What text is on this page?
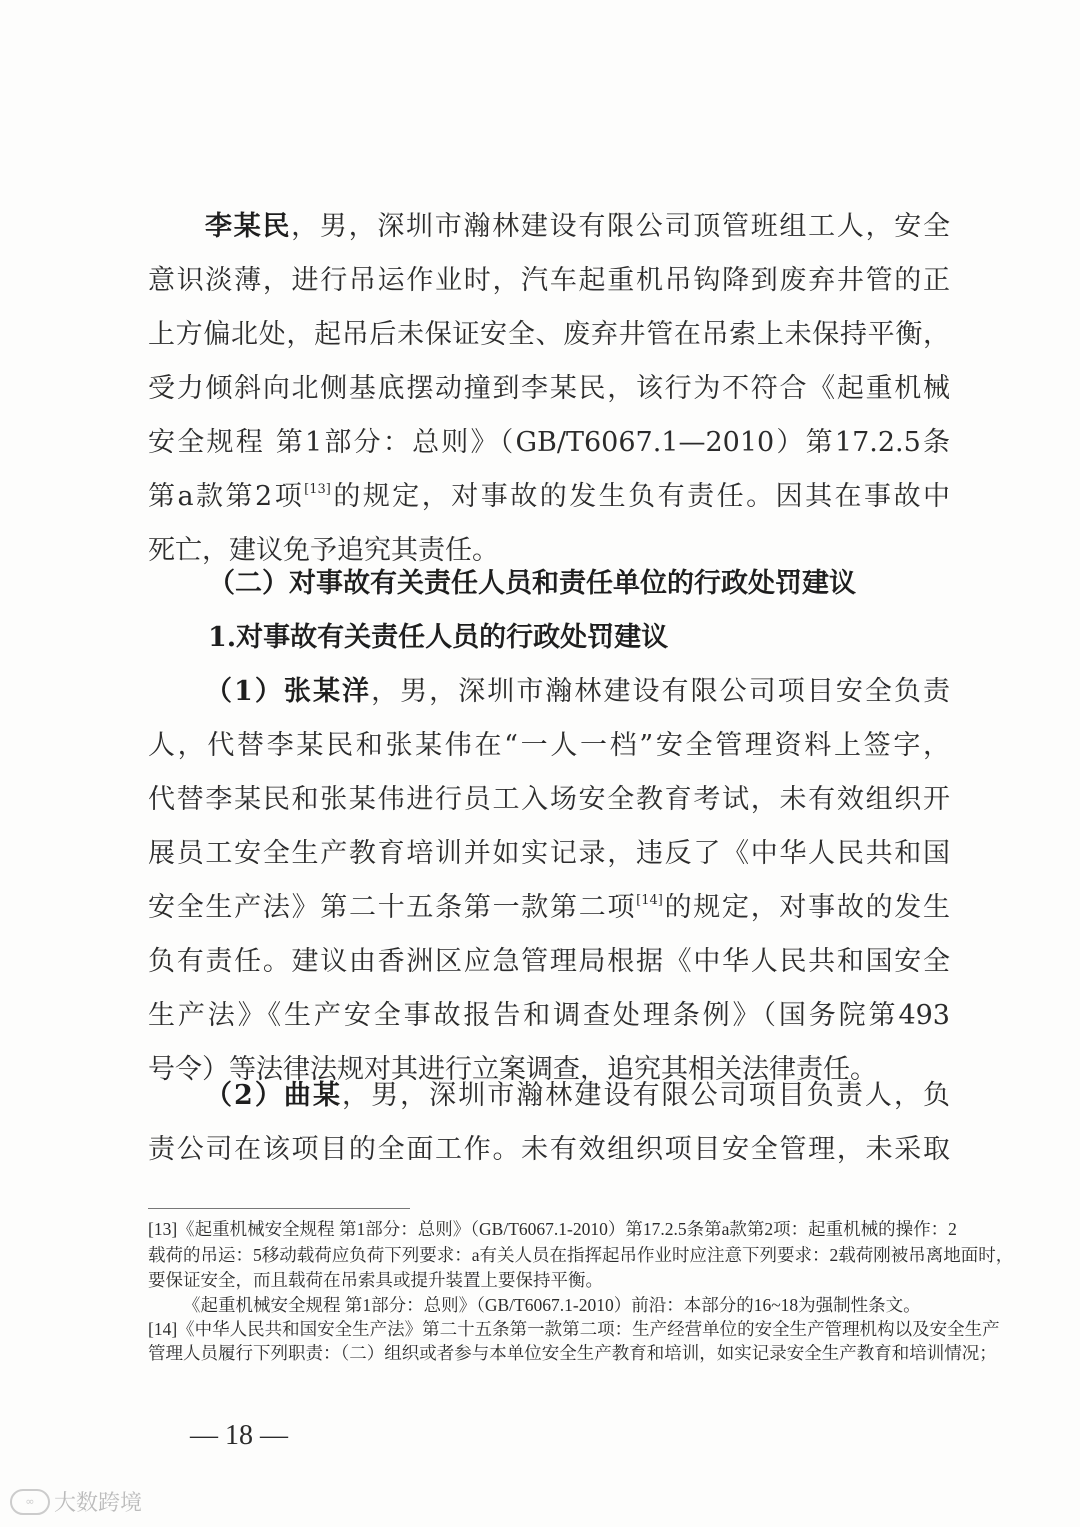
（二）对事故有关责任人员和责任单位的行政处罚建议
1.对事故有关责任人员的行政处罚建议
— 18 —
∞ 大数跨境
李某民，男，深圳市瀚林建设有限公司顶管班组工人，安全
意识淡薄，进行吊运作业时，汽车起重机吊钩降到废弃井管的正
上方偏北处，起吊后未保证安全、废弃井管在吊索上未保持平衡，
受力倾斜向北侧基底摆动撞到李某民，该行为不符合《起重机械
安全规程 第1部分：总则》（GB/T6067.1—2010）第17.2.5条
第a款第2项[13]的规定，对事故的发生负有责任。因其在事故中
死亡，建议免予追究其责任。
（1）张某洋，男，深圳市瀚林建设有限公司项目安全负责
人，代替李某民和张某伟在“一人一档”安全管理资料上签字，
代替李某民和张某伟进行员工入场安全教育考试，未有效组织开
展员工安全生产教育培训并如实记录，违反了《中华人民共和国
安全生产法》第二十五条第一款第二项[14]的规定，对事故的发生
负有责任。建议由香洲区应急管理局根据《中华人民共和国安全
生产法》《生产安全事故报告和调查处理条例》（国务院第493
号令）等法律法规对其进行立案调查，追究其相关法律责任。
（2）曲某，男，深圳市瀚林建设有限公司项目负责人，负
责公司在该项目的全面工作。未有效组织项目安全管理，未采取
[13]《起重机械安全规程 第1部分：总则》（GB/T6067.1-2010）第17.2.5条第a款第2项：起重机械的操作：2
载荷的吊运：5移动载荷应负荷下列要求：a有关人员在指挥起吊作业时应注意下列要求：2载荷刚被吊离地面时，
要保证安全，而且载荷在吊索具或提升装置上要保持平衡。
《起重机械安全规程 第1部分：总则》（GB/T6067.1-2010）前沿：本部分的16~18为强制性条文。
[14]《中华人民共和国安全生产法》第二十五条第一款第二项：生产经营单位的安全生产管理机构以及安全生产
管理人员履行下列职责：（二）组织或者参与本单位安全生产教育和培训，如实记录安全生产教育和培训情况；
